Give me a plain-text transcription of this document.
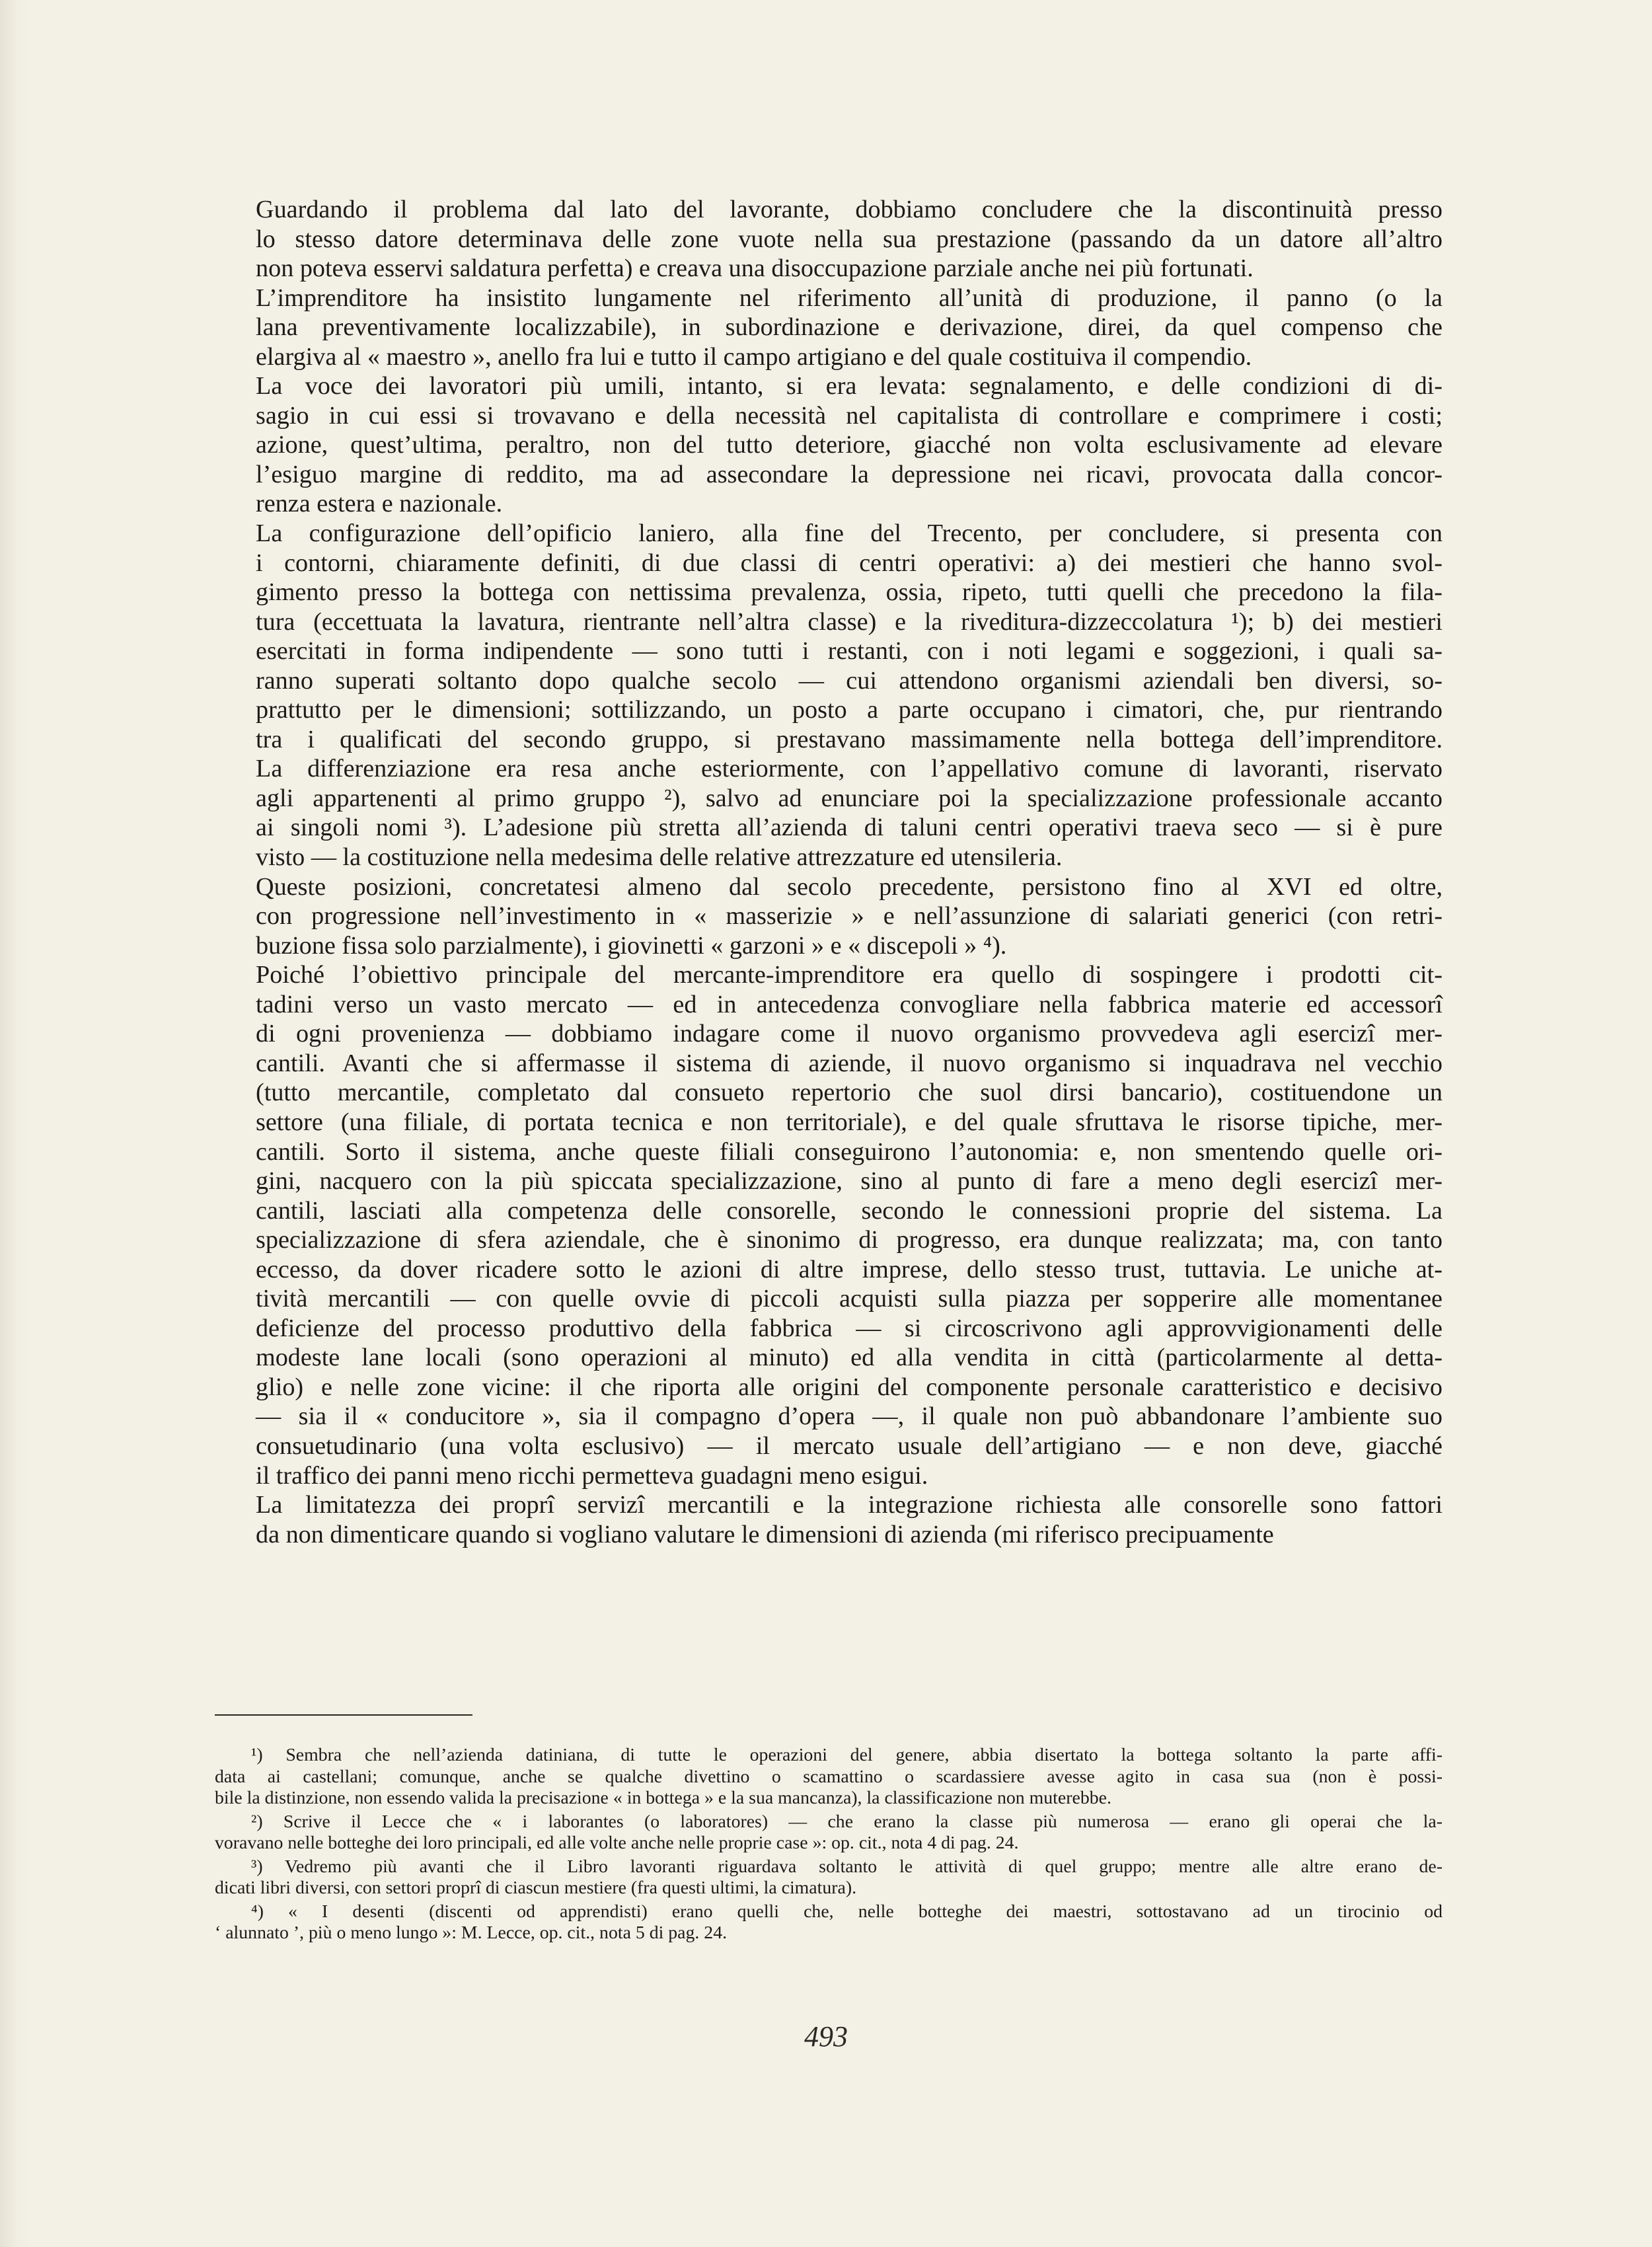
Guardando il problema dal lato del lavorante, dobbiamo concludere che la discontinuità presso
lo stesso datore determinava delle zone vuote nella sua prestazione (passando da un datore all’altro
non poteva esservi saldatura perfetta) e creava una disoccupazione parziale anche nei più fortunati.

L’imprenditore ha insistito lungamente nel riferimento all’unità di produzione, il panno (o la
lana preventivamente localizzabile), in subordinazione e derivazione, direi, da quel compenso che
elargiva al « maestro », anello fra lui e tutto il campo artigiano e del quale costituiva il compendio.

La voce dei lavoratori più umili, intanto, si era levata: segnalamento, e delle condizioni di di-
sagio in cui essi si trovavano e della necessità nel capitalista di controllare e comprimere i costi;
azione, quest’ultima, peraltro, non del tutto deteriore, giacché non volta esclusivamente ad elevare
l’esiguo margine di reddito, ma ad assecondare la depressione nei ricavi, provocata dalla concor-
renza estera e nazionale.

La configurazione dell’opificio laniero, alla fine del Trecento, per concludere, si presenta con
i contorni, chiaramente definiti, di due classi di centri operativi: a) dei mestieri che hanno svol-
gimento presso la bottega con nettissima prevalenza, ossia, ripeto, tutti quelli che precedono la fila-
tura (eccettuata la lavatura, rientrante nell’altra classe) e la riveditura-dizzeccolatura ¹); b) dei mestieri
esercitati in forma indipendente — sono tutti i restanti, con i noti legami e soggezioni, i quali sa-
ranno superati soltanto dopo qualche secolo — cui attendono organismi aziendali ben diversi, so-
prattutto per le dimensioni; sottilizzando, un posto a parte occupano i cimatori, che, pur rientrando
tra i qualificati del secondo gruppo, si prestavano massimamente nella bottega dell’imprenditore.
La differenziazione era resa anche esteriormente, con l’appellativo comune di lavoranti, riservato
agli appartenenti al primo gruppo ²), salvo ad enunciare poi la specializzazione professionale accanto
ai singoli nomi ³). L’adesione più stretta all’azienda di taluni centri operativi traeva seco — si è pure
visto — la costituzione nella medesima delle relative attrezzature ed utensileria.

Queste posizioni, concretatesi almeno dal secolo precedente, persistono fino al XVI ed oltre,
con progressione nell’investimento in « masserizie » e nell’assunzione di salariati generici (con retri-
buzione fissa solo parzialmente), i giovinetti « garzoni » e « discepoli » ⁴).

Poiché l’obiettivo principale del mercante-imprenditore era quello di sospingere i prodotti cit-
tadini verso un vasto mercato — ed in antecedenza convogliare nella fabbrica materie ed accessorî
di ogni provenienza — dobbiamo indagare come il nuovo organismo provvedeva agli esercizî mer-
cantili. Avanti che si affermasse il sistema di aziende, il nuovo organismo si inquadrava nel vecchio
(tutto mercantile, completato dal consueto repertorio che suol dirsi bancario), costituendone un
settore (una filiale, di portata tecnica e non territoriale), e del quale sfruttava le risorse tipiche, mer-
cantili. Sorto il sistema, anche queste filiali conseguirono l’autonomia: e, non smentendo quelle ori-
gini, nacquero con la più spiccata specializzazione, sino al punto di fare a meno degli esercizî mer-
cantili, lasciati alla competenza delle consorelle, secondo le connessioni proprie del sistema. La
specializzazione di sfera aziendale, che è sinonimo di progresso, era dunque realizzata; ma, con tanto
eccesso, da dover ricadere sotto le azioni di altre imprese, dello stesso trust, tuttavia. Le uniche at-
tività mercantili — con quelle ovvie di piccoli acquisti sulla piazza per sopperire alle momentanee
deficienze del processo produttivo della fabbrica — si circoscrivono agli approvvigionamenti delle
modeste lane locali (sono operazioni al minuto) ed alla vendita in città (particolarmente al detta-
glio) e nelle zone vicine: il che riporta alle origini del componente personale caratteristico e decisivo
— sia il « conducitore », sia il compagno d’opera —, il quale non può abbandonare l’ambiente suo
consuetudinario (una volta esclusivo) — il mercato usuale dell’artigiano — e non deve, giacché
il traffico dei panni meno ricchi permetteva guadagni meno esigui.

La limitatezza dei proprî servizî mercantili e la integrazione richiesta alle consorelle sono fattori
da non dimenticare quando si vogliano valutare le dimensioni di azienda (mi riferisco precipuamente

¹) Sembra che nell’azienda datiniana, di tutte le operazioni del genere, abbia disertato la bottega soltanto la parte affi-
data ai castellani; comunque, anche se qualche divettino o scamattino o scardassiere avesse agito in casa sua (non è possi-
bile la distinzione, non essendo valida la precisazione « in bottega » e la sua mancanza), la classificazione non muterebbe.
²) Scrive il Lecce che « i laborantes (o laboratores) — che erano la classe più numerosa — erano gli operai che la-
voravano nelle botteghe dei loro principali, ed alle volte anche nelle proprie case »: op. cit., nota 4 di pag. 24.
³) Vedremo più avanti che il Libro lavoranti riguardava soltanto le attività di quel gruppo; mentre alle altre erano de-
dicati libri diversi, con settori proprî di ciascun mestiere (fra questi ultimi, la cimatura).
⁴) « I desenti (discenti od apprendisti) erano quelli che, nelle botteghe dei maestri, sottostavano ad un tirocinio od
‘ alunnato ’, più o meno lungo »: M. Lecce, op. cit., nota 5 di pag. 24.
493
